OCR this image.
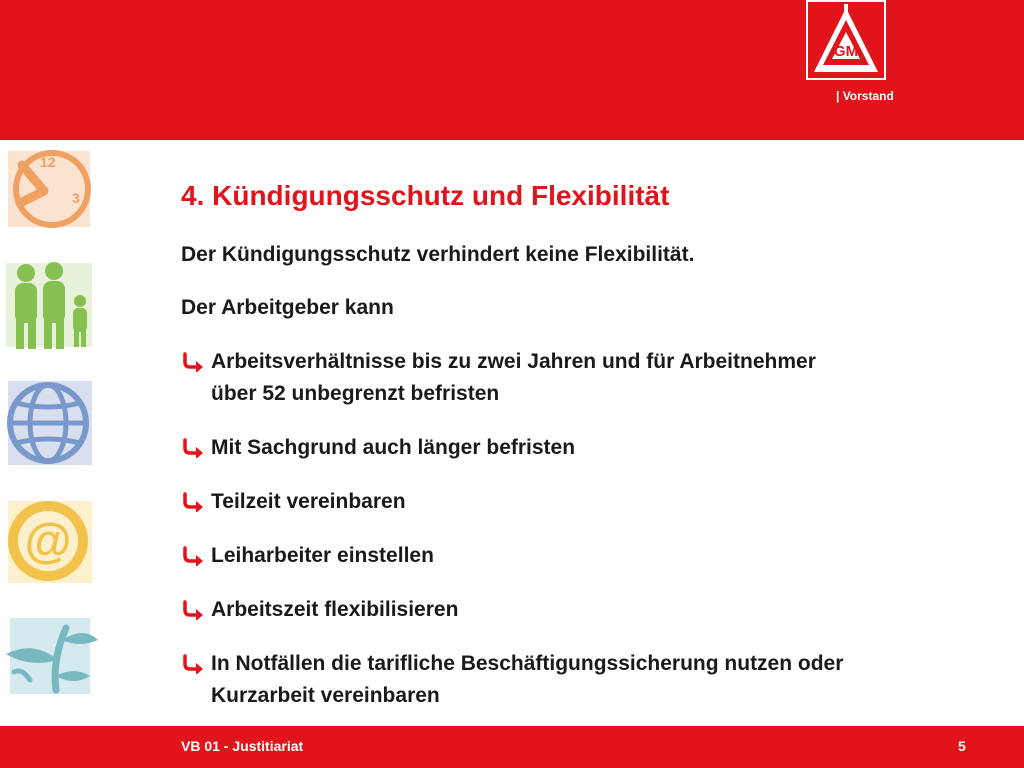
GM
| Vorstand
12
3
@
4. Kündigungsschutz und Flexibilität

Der Kündigungsschutz verhindert keine Flexibilität.

Der Arbeitgeber kann

Arbeitsverhältnisse bis zu zwei Jahren und für Arbeitnehmer
über 52 unbegrenzt befristen
Mit Sachgrund auch länger befristen
Teilzeit vereinbaren
Leiharbeiter einstellen
Arbeitszeit flexibilisieren
In Notfällen die tarifliche Beschäftigungssicherung nutzen oder
Kurzarbeit vereinbaren
VB 01 - Justitiariat	5
